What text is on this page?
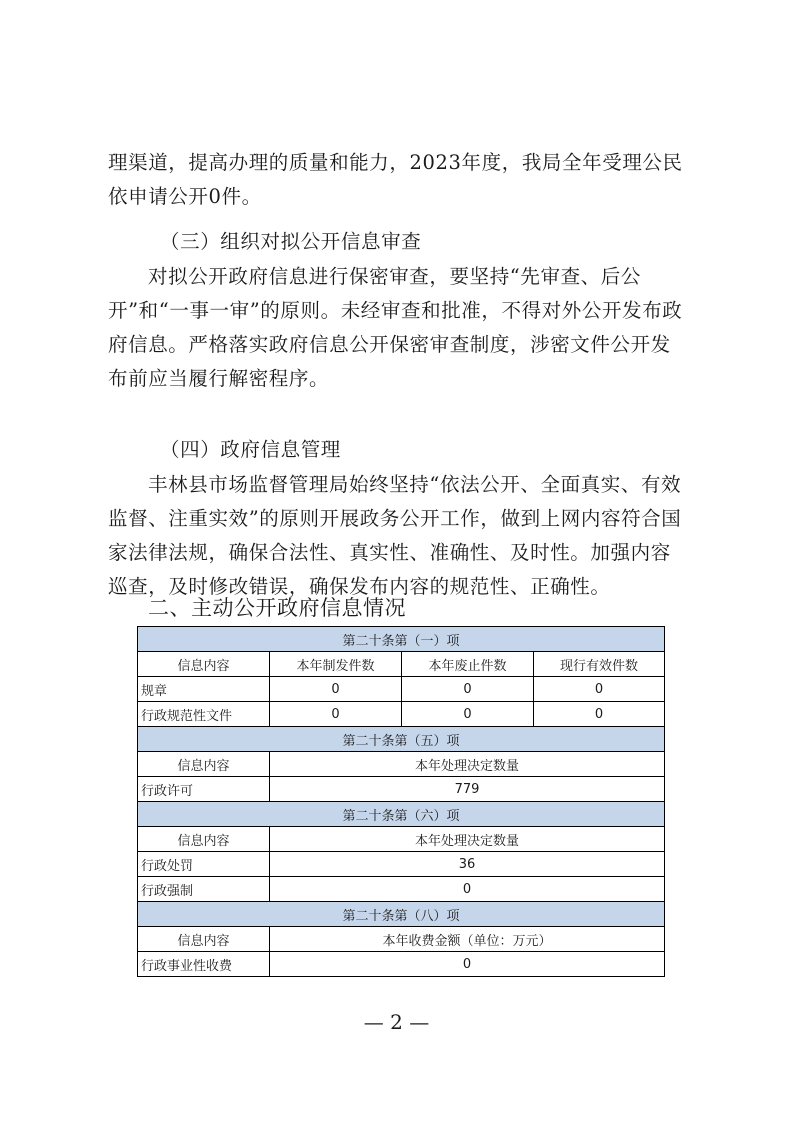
理渠道，提高办理的质量和能力，2023年度，我局全年受理公民依申请公开0件。

（三）组织对拟公开信息审查

对拟公开政府信息进行保密审查，要坚持“先审查、后公开”和“一事一审”的原则。未经审查和批准，不得对外公开发布政府信息。严格落实政府信息公开保密审查制度，涉密文件公开发布前应当履行解密程序。

（四）政府信息管理

丰林县市场监督管理局始终坚持“依法公开、全面真实、有效监督、注重实效”的原则开展政务公开工作，做到上网内容符合国家法律法规，确保合法性、真实性、准确性、及时性。加强内容巡查，及时修改错误，确保发布内容的规范性、正确性。

二、主动公开政府信息情况

第二十条第（一）项			
信息内容	本年制发件数	本年废止件数	现行有效件数
规章	0	0	0
行政规范性文件	0	0	0
第二十条第（五）项			
信息内容	本年处理决定数量		
行政许可	779		
第二十条第（六）项			
信息内容	本年处理决定数量		
行政处罚	36		
行政强制	0		
第二十条第（八）项			
信息内容	本年收费金额（单位：万元）		
行政事业性收费	0		
— 2 —
